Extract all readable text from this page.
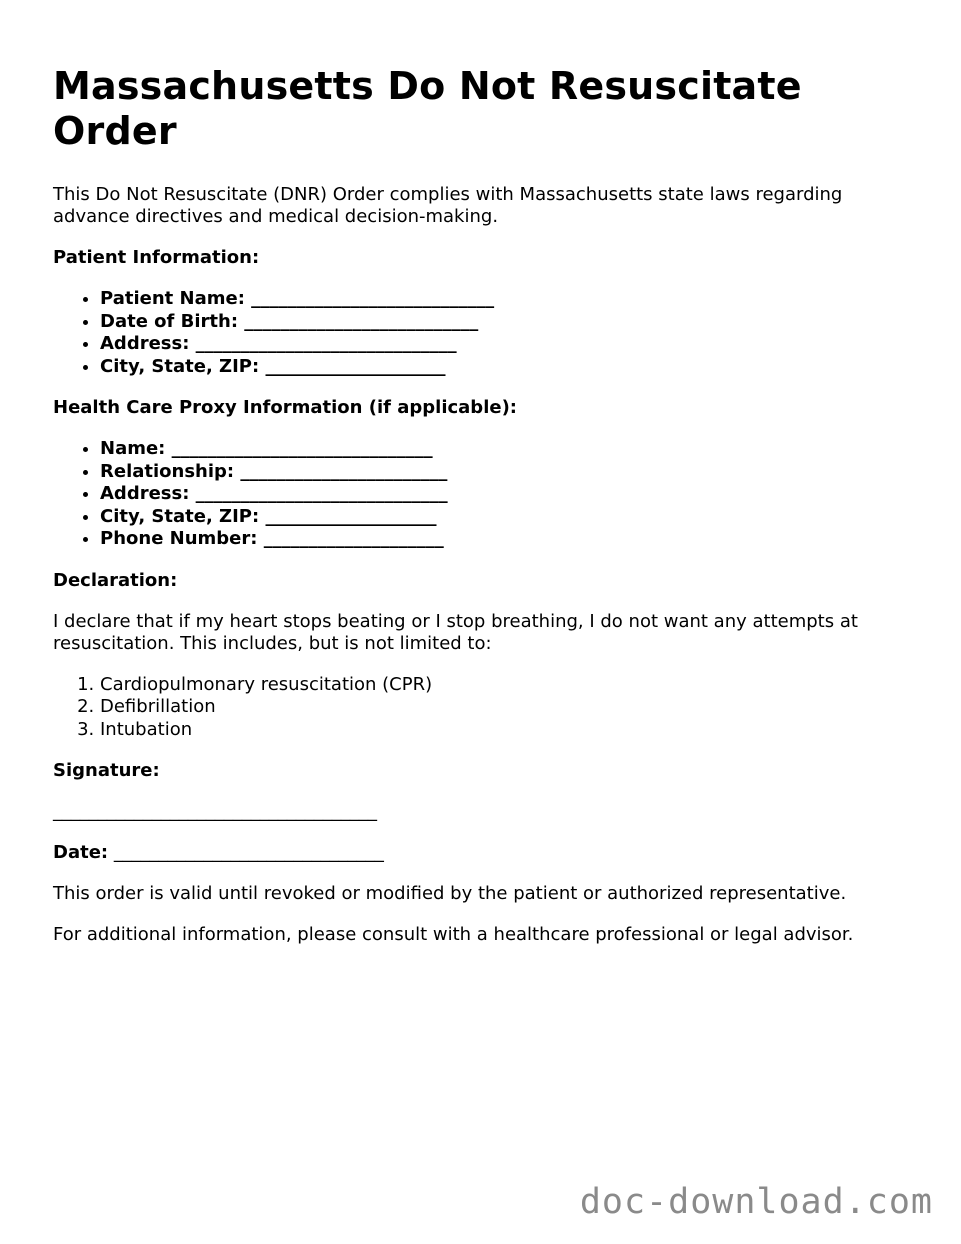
Massachusetts Do Not Resuscitate Order

This Do Not Resuscitate (DNR) Order complies with Massachusetts state laws regarding advance directives and medical decision-making.

Patient Information:
• Patient Name: ___________________________
• Date of Birth: __________________________
• Address: _____________________________
• City, State, ZIP: ____________________
Health Care Proxy Information (if applicable):
• Name: _____________________________
• Relationship: _______________________
• Address: ____________________________
• City, State, ZIP: ___________________
• Phone Number: ____________________
Declaration:

I declare that if my heart stops beating or I stop breathing, I do not want any attempts at resuscitation. This includes, but is not limited to:

1. Cardiopulmonary resuscitation (CPR)
2. Defibrillation
3. Intubation
Signature:
____________________________________
Date: ______________________________

This order is valid until revoked or modified by the patient or authorized representative.

For additional information, please consult with a healthcare professional or legal advisor.

doc-download.com
